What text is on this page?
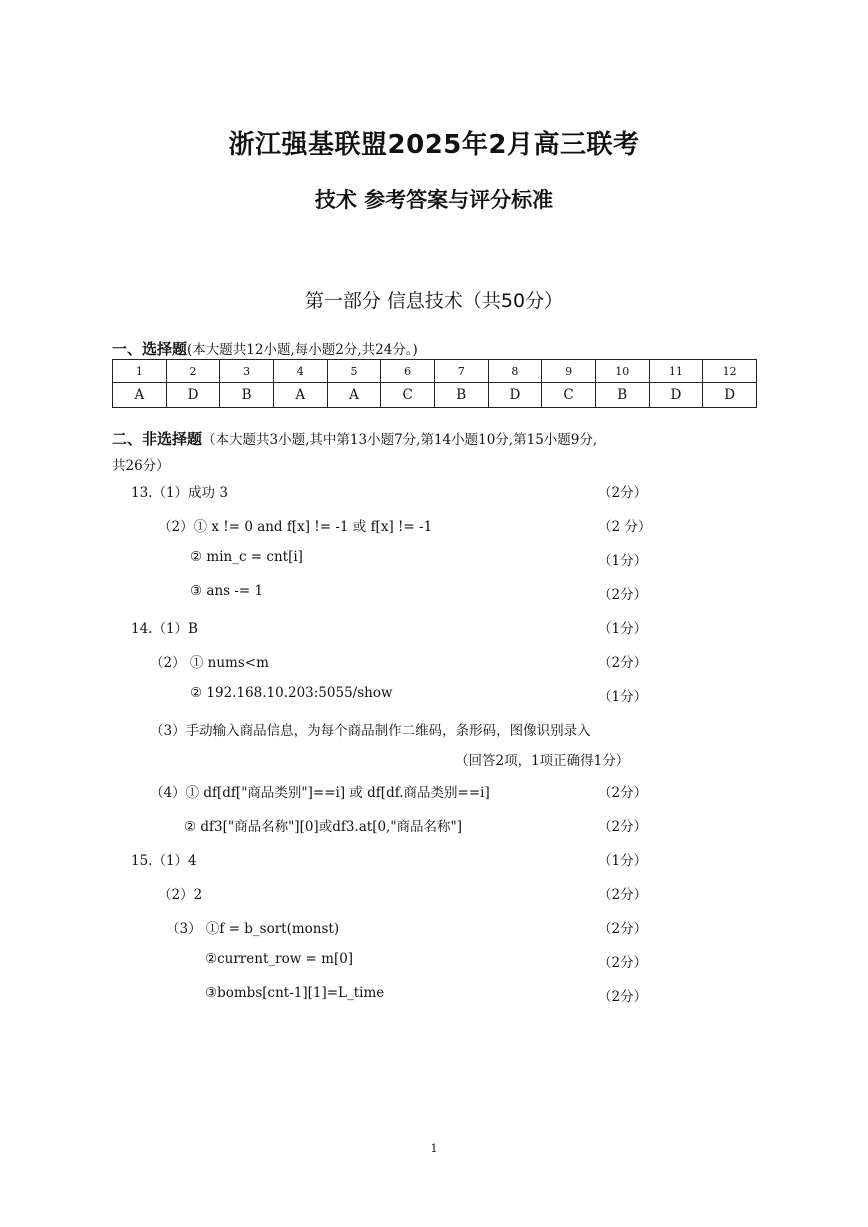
浙江强基联盟2025年2月高三联考
技术 参考答案与评分标准
第一部分 信息技术（共50分）
一、选择题(本大题共12小题,每小题2分,共24分。)
1	2	3	4	5	6	7	8	9	10	11	12
A	D	B	A	A	C	B	D	C	B	D	D
二、非选择题（本大题共3小题,其中第13小题7分,第14小题10分,第15小题9分,
共26分）
13.（1）成功 3	（2分）
（2）① x != 0 and f[x] != -1 或 f[x] != -1	（2 分）
② min_c = cnt[i]	（1分）
③ ans -= 1	（2分）
14.（1）B	（1分）
（2） ① nums<m	（2分）
② 192.168.10.203:5055/show	（1分）
（3）手动输入商品信息，为每个商品制作二维码，条形码，图像识别录入
（回答2项，1项正确得1分）
（4）① df[df["商品类别"]==i] 或 df[df.商品类别==i]	（2分）
② df3["商品名称"][0]或df3.at[0,"商品名称"]	（2分）
15.（1）4	（1分）
（2）2	（2分）
（3） ①f = b_sort(monst)	（2分）
②current_row = m[0]	（2分）
③bombs[cnt-1][1]=L_time	（2分）
1
